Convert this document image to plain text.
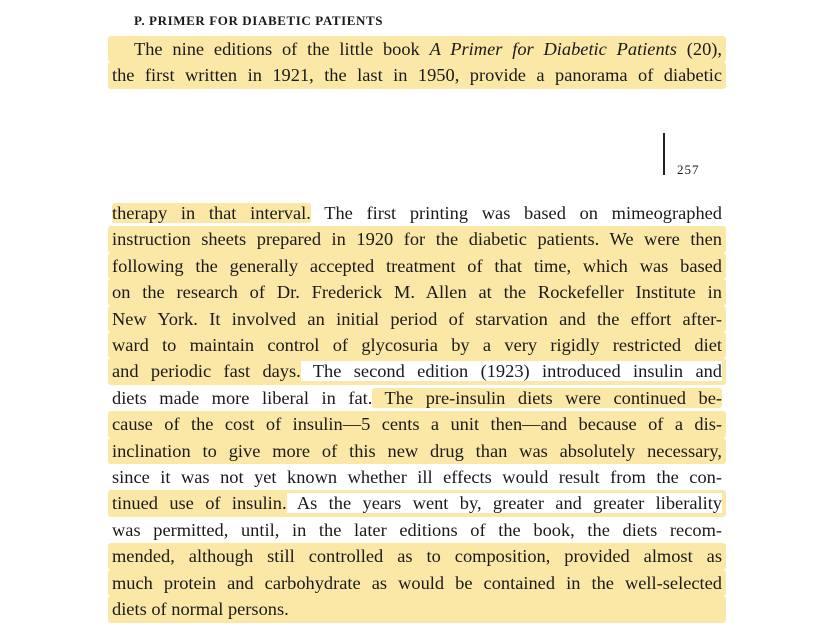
P. PRIMER FOR DIABETIC PATIENTS
The nine editions of the little book A Primer for Diabetic Patients (20),
the first written in 1921, the last in 1950, provide a panorama of diabetic
257
therapy in that interval. The first printing was based on mimeographed
instruction sheets prepared in 1920 for the diabetic patients. We were then
following the generally accepted treatment of that time, which was based
on the research of Dr. Frederick M. Allen at the Rockefeller Institute in
New York. It involved an initial period of starvation and the effort after-
ward to maintain control of glycosuria by a very rigidly restricted diet
and periodic fast days. The second edition (1923) introduced insulin and
diets made more liberal in fat. The pre-insulin diets were continued be-
cause of the cost of insulin—5 cents a unit then—and because of a dis-
inclination to give more of this new drug than was absolutely necessary,
since it was not yet known whether ill effects would result from the con-
tinued use of insulin. As the years went by, greater and greater liberality
was permitted, until, in the later editions of the book, the diets recom-
mended, although still controlled as to composition, provided almost as
much protein and carbohydrate as would be contained in the well-selected
diets of normal persons.
